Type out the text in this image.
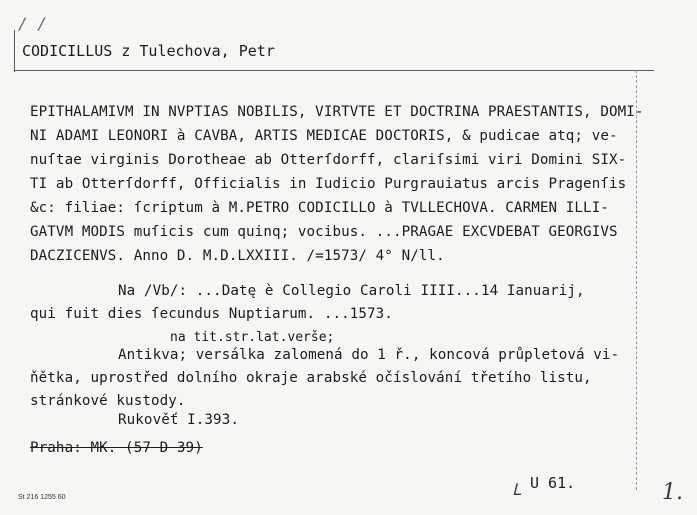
/ /
CODICILLUS z Tulechova, Petr
EPITHALAMIVM IN NVPTIAS NOBILIS, VIRTVTE ET DOCTRINA PRAESTANTIS, DOMI-
NI ADAMI LEONORI à CAVBA, ARTIS MEDICAE DOCTORIS, & pudicae atq; ve-
nuſtae virginis Dorotheae ab Otterſdorff, clariſsimi viri Domini SIX-
TI ab Otterſdorff, Officialis in Iudicio Purgrauiatus arcis Pragenſis
&c: filiae: ſcriptum à M.PETRO CODICILLO à TVLLECHOVA. CARMEN ILLI-
GATVM MODIS muſicis cum quinq; vocibus. ...PRAGAE EXCVDEBAT GEORGIVS
DACZICENVS. Anno D. M.D.LXXIII. /=1573/ 4° N/ll.
Na /Vb/: ...Datę è Collegio Caroli IIII...14 Ianuarij,
qui fuit dies ſecundus Nuptiarum. ...1573.
na tit.str.lat.verše;
Antikva; versálka zalomená do 1 ř., koncová průpletová vi-
ňětka, uprostřed dolního okraje arabské očíslování třetího listu,
stránkové kustody.
Rukověť I.393.
Praha: MK. (57 D 39)
U 61.
ᒪ	1.
St 216 1255 60
